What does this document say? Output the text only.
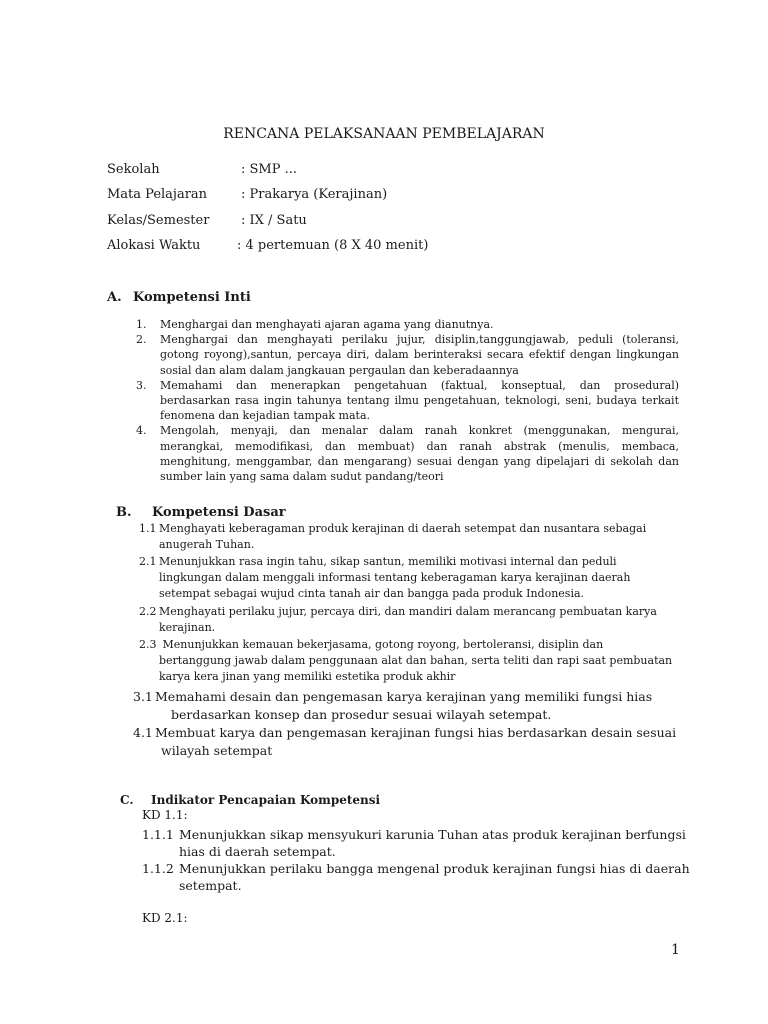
RENCANA PELAKSANAAN PEMBELAJARAN
Sekolah	: SMP ...
Mata Pelajaran	: Prakarya (Kerajinan)
Kelas/Semester : IX / Satu
Alokasi Waktu	: 4 pertemuan (8 X 40 menit)
A. Kompetensi Inti
1.	Menghargai dan menghayati ajaran agama yang dianutnya.
2.	Menghargai dan menghayati perilaku jujur, disiplin,tanggungjawab, peduli (toleransi, gotong royong),santun, percaya diri, dalam berinteraksi secara efektif dengan lingkungan sosial dan alam dalam jangkauan pergaulan dan keberadaannya
3.	Memahami dan menerapkan pengetahuan (faktual, konseptual, dan prosedural) berdasarkan rasa ingin tahunya tentang ilmu pengetahuan, teknologi, seni, budaya terkait fenomena dan kejadian tampak mata.
4.	Mengolah, menyaji, dan menalar dalam ranah konkret (menggunakan, mengurai, merangkai, memodifikasi, dan membuat) dan ranah abstrak (menulis, membaca, menghitung, menggambar, dan mengarang) sesuai dengan yang dipelajari di sekolah dan sumber lain yang sama dalam sudut pandang/teori
B. Kompetensi Dasar
1.1 Menghayati keberagaman produk kerajinan di daerah setempat dan nusantara sebagai
anugerah Tuhan.
2.1 Menunjukkan rasa ingin tahu, sikap santun, memiliki motivasi internal dan peduli
lingkungan dalam menggali informasi tentang keberagaman karya kerajinan daerah
setempat sebagai wujud cinta tanah air dan bangga pada produk Indonesia.
2.2 Menghayati perilaku jujur, percaya diri, dan mandiri dalam merancang pembuatan karya
kerajinan.
2.3 Menunjukkan kemauan bekerjasama, gotong royong, bertoleransi, disiplin dan
bertanggung jawab dalam penggunaan alat dan bahan, serta teliti dan rapi saat pembuatan
karya kera jinan yang memiliki estetika produk akhir
3.1 Memahami desain dan pengemasan karya kerajinan yang memiliki fungsi hias
berdasarkan konsep dan prosedur sesuai wilayah setempat.
4.1 Membuat karya dan pengemasan kerajinan fungsi hias berdasarkan desain sesuai
wilayah setempat
C. Indikator Pencapaian Kompetensi
KD 1.1:
1.1.1 Menunjukkan sikap mensyukuri karunia Tuhan atas produk kerajinan berfungsi
hias di daerah setempat.
1.1.2 Menunjukkan perilaku bangga mengenal produk kerajinan fungsi hias di daerah
setempat.
KD 2.1:
1
